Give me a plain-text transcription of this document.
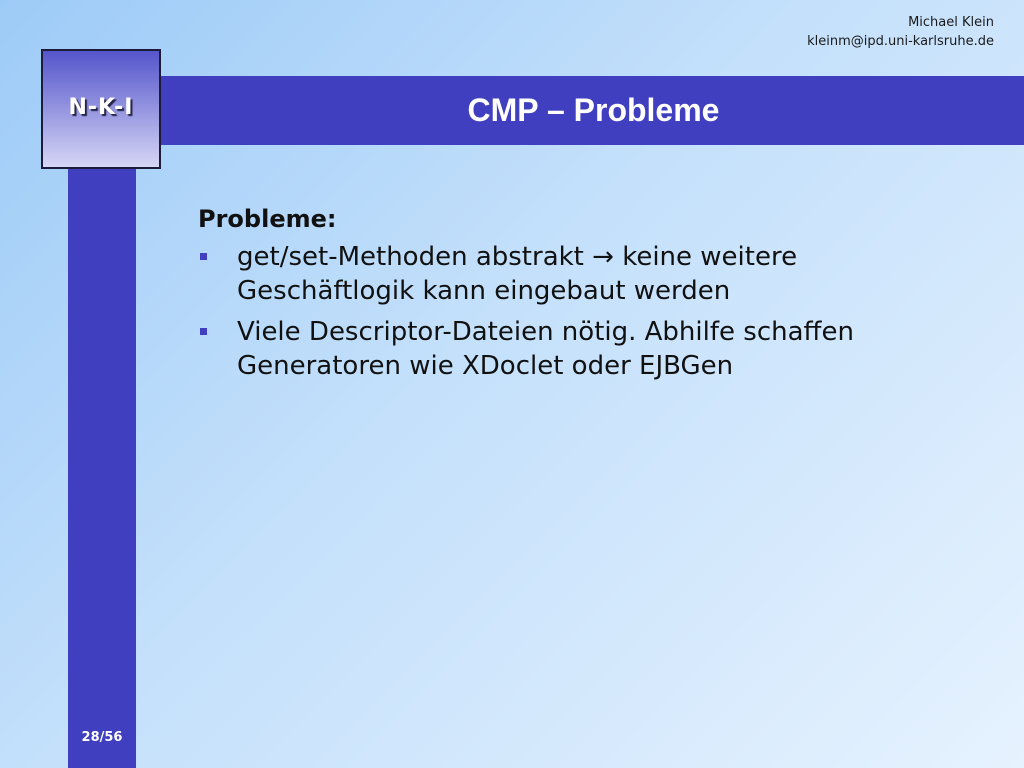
Michael Klein
kleinm@ipd.uni-karlsruhe.de
CMP – Probleme
N-K-I
28/56
Probleme:
get/set-Methoden abstrakt → keine weitere
Geschäftlogik kann eingebaut werden
Viele Descriptor-Dateien nötig. Abhilfe schaffen
Generatoren wie XDoclet oder EJBGen
